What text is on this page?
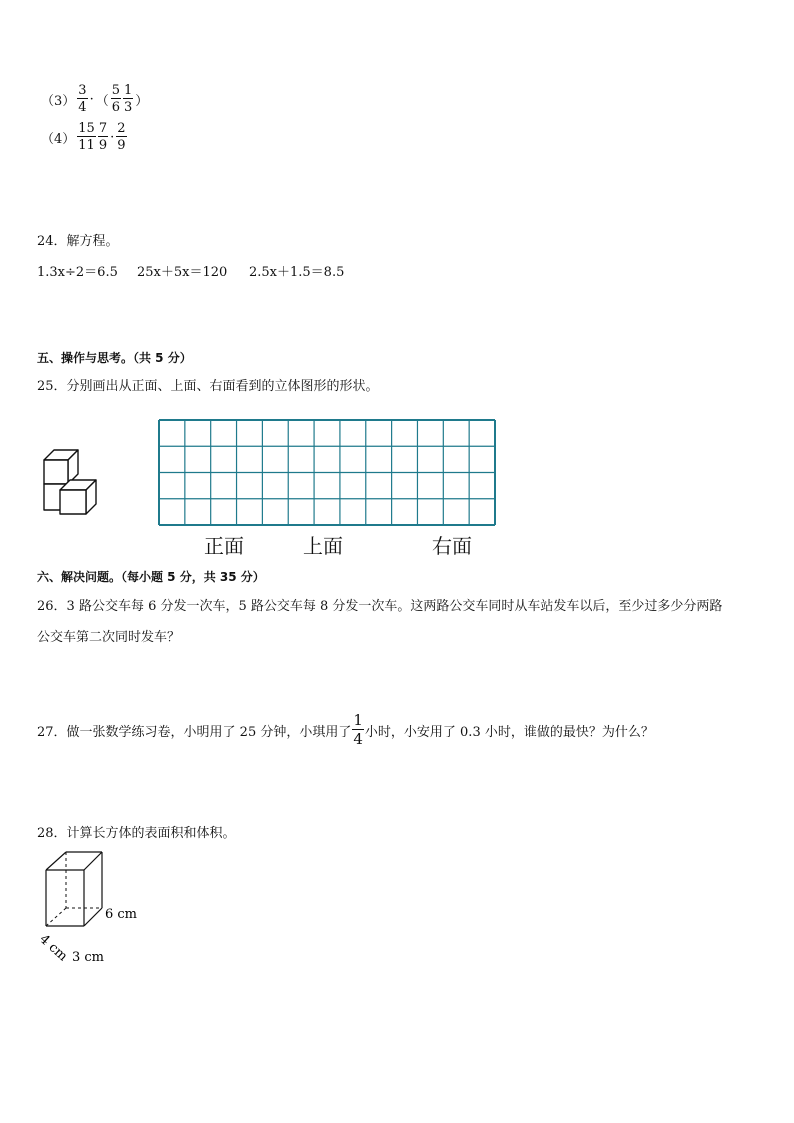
$(3) \frac{3}{4}$ · （ $\frac{5}{6} \frac{1}{3}$ ）
$(4) \frac{15}{11} \frac{7}{9} \cdot \frac{2}{9}$
24．解方程。
1.3x÷2＝6.5 25x＋5x＝120 2.5x＋1.5＝8.5
五、操作与思考。（共 5 分）
25．分别画出从正面、上面、右面看到的立体图形的形状。
正面	上面	右面
六、解决问题。（每小题 5 分，共 35 分）
26．3 路公交车每 6 分发一次车，5 路公交车每 8 分发一次车。这两路公交车同时从车站发车以后，至少过多少分两路
公交车第二次同时发车？
27．做一张数学练习卷，小明用了 25 分钟，小琪用了 $\frac{1}{4}$ 小时，小安用了 0.3 小时，谁做的最快？为什么？
28．计算长方体的表面积和体积。
6 cm
4 cm 3 cm
